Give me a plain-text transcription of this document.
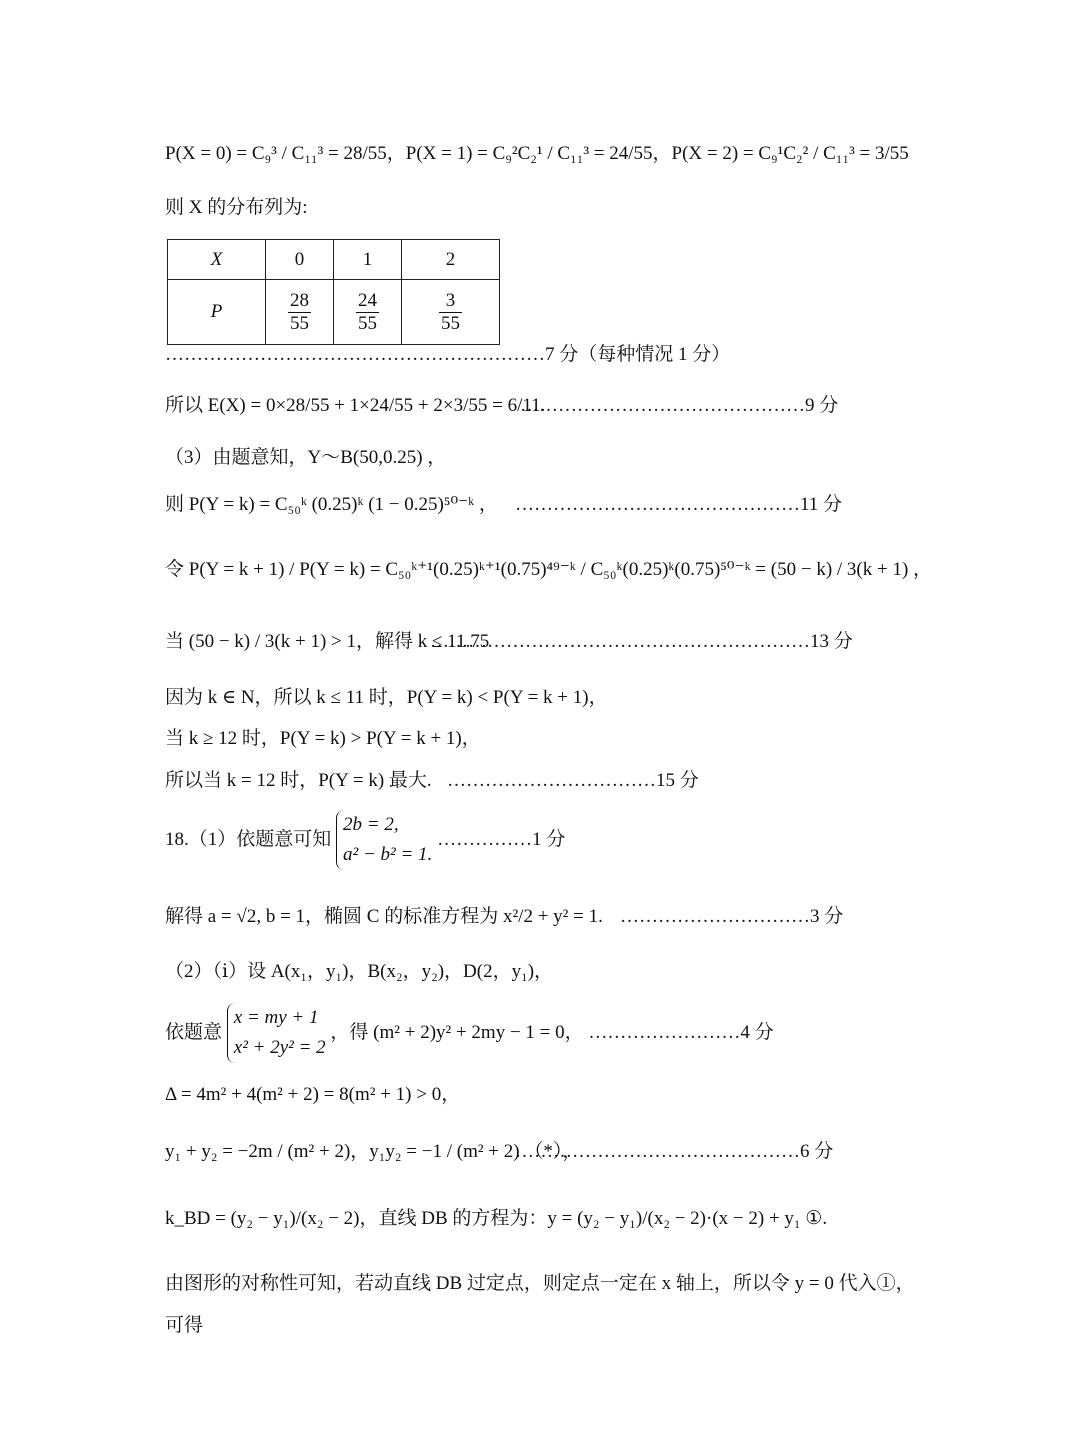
P(X = 0) = C₉³ / C₁₁³ = 28/55，P(X = 1) = C₉²C₂¹ / C₁₁³ = 24/55，P(X = 2) = C₉¹C₂² / C₁₁³ = 3/55
则 X 的分布列为:
X	0	1	2
P	$\frac{28}{55}$	$\frac{24}{55}$	$\frac{3}{55}$
……………………………………………………7 分（每种情况 1 分）
所以 E(X) = 0×28/55 + 1×24/55 + 2×3/55 = 6/11.
………………………………………9 分
（3）由题意知，Y～B(50,0.25) ，
则 P(Y = k) = C₅₀ᵏ (0.25)ᵏ (1 − 0.25)⁵⁰⁻ᵏ ， ………………………………………11 分
令 P(Y = k + 1) / P(Y = k) = C₅₀ᵏ⁺¹(0.25)ᵏ⁺¹(0.75)⁴⁹⁻ᵏ / C₅₀ᵏ(0.25)ᵏ(0.75)⁵⁰⁻ᵏ = (50 − k) / 3(k + 1) ，
当 (50 − k) / 3(k + 1) > 1，解得 k ≤ 11.75
……………………………………………………13 分
因为 k ∈ N，所以 k ≤ 11 时，P(Y = k) < P(Y = k + 1)，
当 k ≥ 12 时，P(Y = k) > P(Y = k + 1)，
所以当 k = 12 时，P(Y = k) 最大. ……………………………15 分
18.（1）依题意可知
2b = 2,
a² − b² = 1.
……………1 分
解得 a = √2, b = 1，椭圆 C 的标准方程为 x²/2 + y² = 1. …………………………3 分
（2）（ⅰ）设 A(x₁，y₁)，B(x₂，y₂)，D(2，y₁)，
依题意
x = my + 1
x² + 2y² = 2
，得 (m² + 2)y² + 2my − 1 = 0， ……………………4 分
Δ = 4m² + 4(m² + 2) = 8(m² + 1) > 0，
y₁ + y₂ = −2m / (m² + 2)，y₁y₂ = −1 / (m² + 2) （*），
………………………………………6 分
k_BD = (y₂ − y₁)/(x₂ − 2)，直线 DB 的方程为：y = (y₂ − y₁)/(x₂ − 2)·(x − 2) + y₁ ①.
由图形的对称性可知，若动直线 DB 过定点，则定点一定在 x 轴上，所以令 y = 0 代入①，
可得
